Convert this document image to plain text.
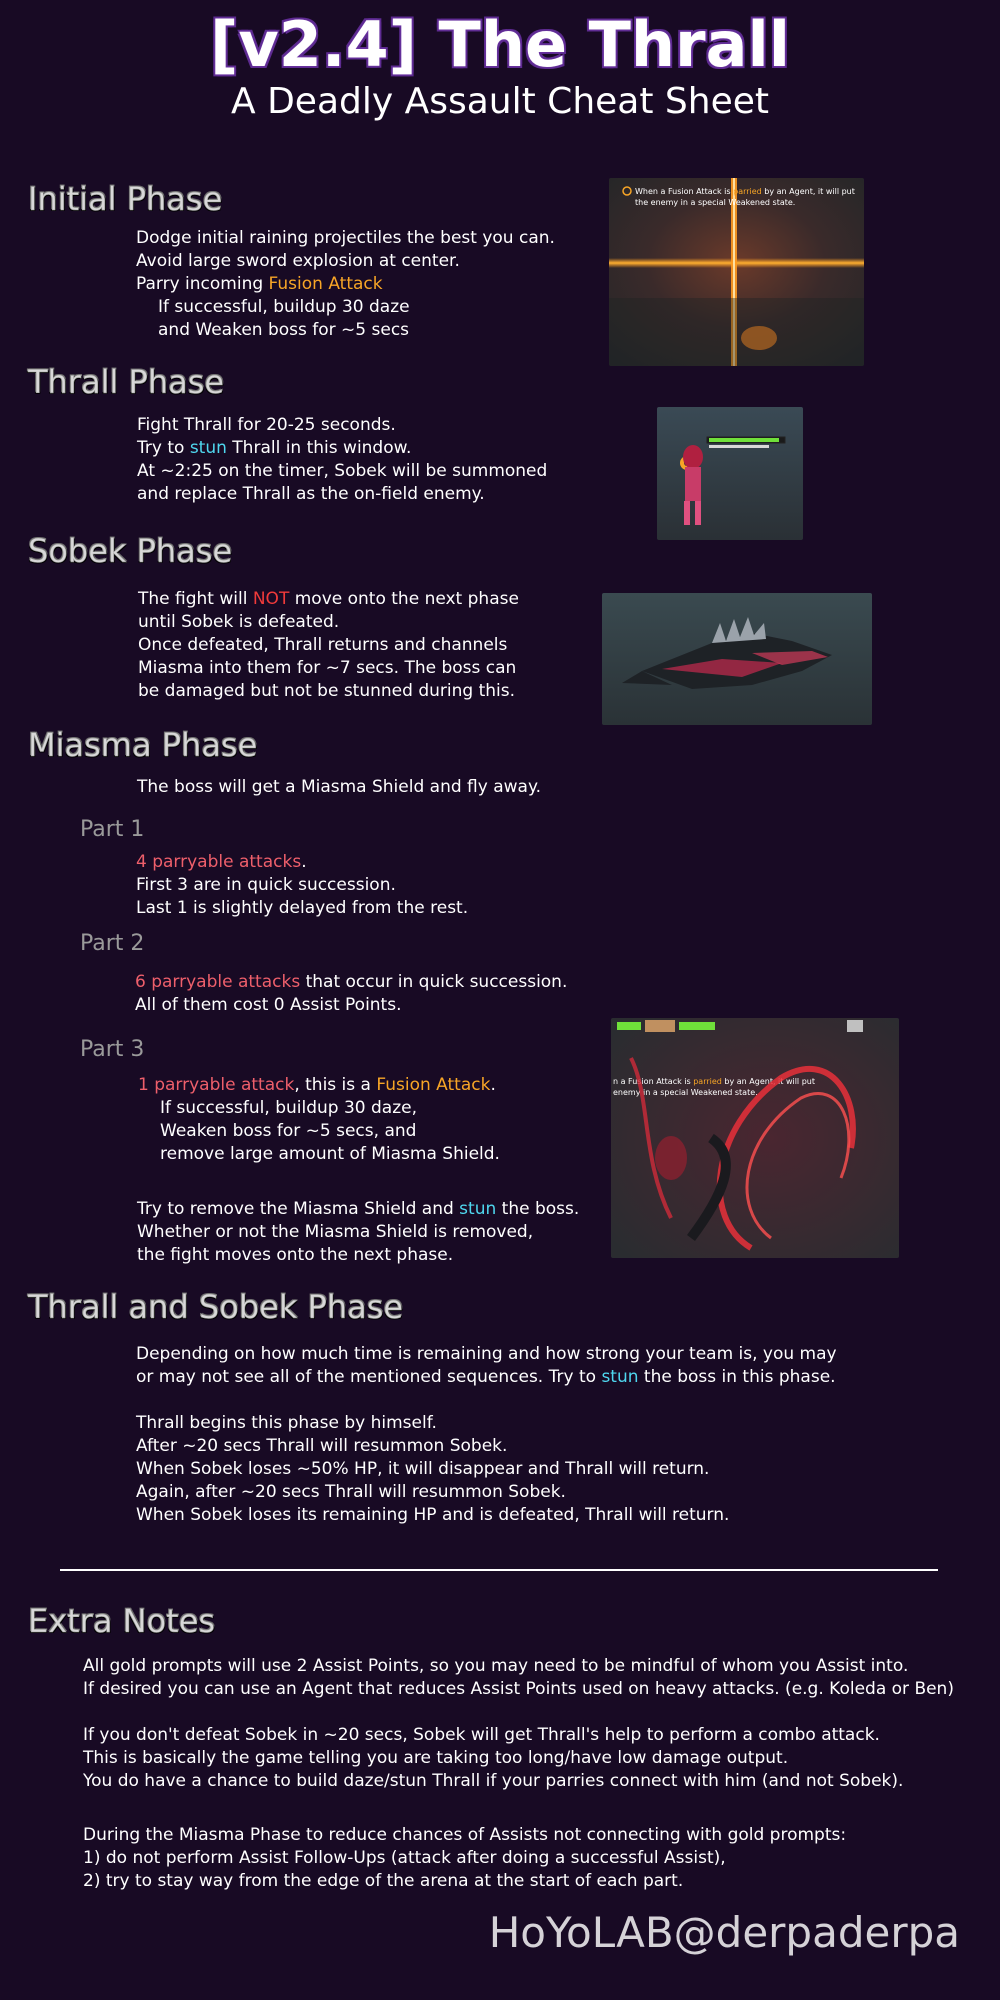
[v2.4] The Thrall
A Deadly Assault Cheat Sheet
Initial Phase
Dodge initial raining projectiles the best you can.
Avoid large sword explosion at center.
Parry incoming Fusion Attack
If successful, buildup 30 daze
and Weaken boss for ~5 secs
When a Fusion Attack is parried by an Agent, it will put
the enemy in a special Weakened state.
Thrall Phase
Fight Thrall for 20-25 seconds.
Try to stun Thrall in this window.
At ~2:25 on the timer, Sobek will be summoned
and replace Thrall as the on-field enemy.
Sobek Phase
The fight will NOT move onto the next phase
until Sobek is defeated.
Once defeated, Thrall returns and channels
Miasma into them for ~7 secs. The boss can
be damaged but not be stunned during this.
Miasma Phase
The boss will get a Miasma Shield and fly away.
Part 1
4 parryable attacks.
First 3 are in quick succession.
Last 1 is slightly delayed from the rest.
Part 2
6 parryable attacks that occur in quick succession.
All of them cost 0 Assist Points.
Part 3
1 parryable attack, this is a Fusion Attack.
If successful, buildup 30 daze,
Weaken boss for ~5 secs, and
remove large amount of Miasma Shield.
Try to remove the Miasma Shield and stun the boss.
Whether or not the Miasma Shield is removed,
the fight moves onto the next phase.
n a Fusion Attack is parried by an Agent, it will put
enemy in a special Weakened state.
Thrall and Sobek Phase
Depending on how much time is remaining and how strong your team is, you may
or may not see all of the mentioned sequences. Try to stun the boss in this phase.
Thrall begins this phase by himself.
After ~20 secs Thrall will resummon Sobek.
When Sobek loses ~50% HP, it will disappear and Thrall will return.
Again, after ~20 secs Thrall will resummon Sobek.
When Sobek loses its remaining HP and is defeated, Thrall will return.
Extra Notes
All gold prompts will use 2 Assist Points, so you may need to be mindful of whom you Assist into.
If desired you can use an Agent that reduces Assist Points used on heavy attacks. (e.g. Koleda or Ben)
If you don't defeat Sobek in ~20 secs, Sobek will get Thrall's help to perform a combo attack.
This is basically the game telling you are taking too long/have low damage output.
You do have a chance to build daze/stun Thrall if your parries connect with him (and not Sobek).
During the Miasma Phase to reduce chances of Assists not connecting with gold prompts:
1) do not perform Assist Follow-Ups (attack after doing a successful Assist),
2) try to stay way from the edge of the arena at the start of each part.
HoYoLAB@derpaderpa
